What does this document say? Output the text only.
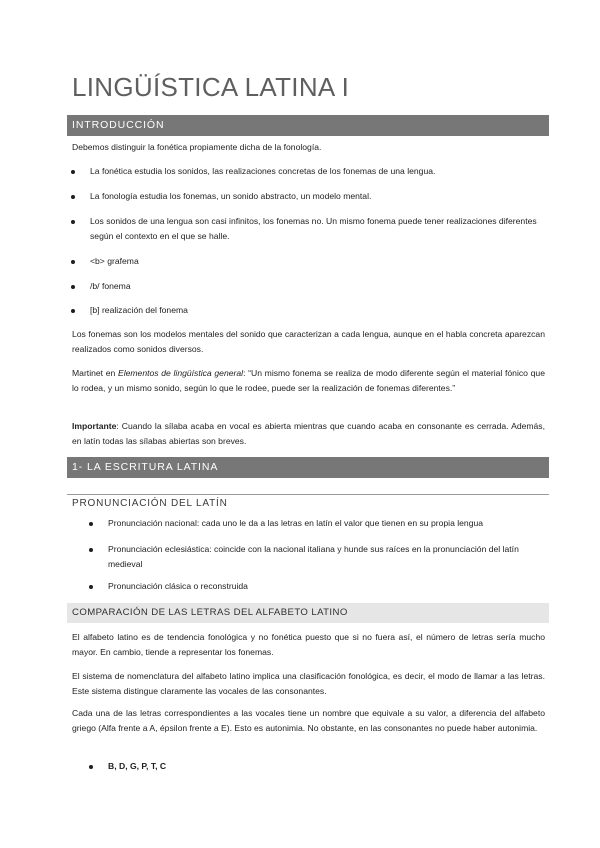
LINGÜÍSTICA LATINA I
INTRODUCCIÓN
Debemos distinguir la fonética propiamente dicha de la fonología.
La fonética estudia los sonidos, las realizaciones concretas de los fonemas de una lengua.
La fonología estudia los fonemas, un sonido abstracto, un modelo mental.
Los sonidos de una lengua son casi infinitos, los fonemas no. Un mismo fonema puede tener realizaciones diferentes según el contexto en el que se halle.
<b> grafema
/b/ fonema
[b] realización del fonema
Los fonemas son los modelos mentales del sonido que caracterizan a cada lengua, aunque en el habla concreta aparezcan realizados como sonidos diversos.
Martinet en Elementos de lingüística general: “Un mismo fonema se realiza de modo diferente según el material fónico que lo rodea, y un mismo sonido, según lo que le rodee, puede ser la realización de fonemas diferentes.”
Importante: Cuando la sílaba acaba en vocal es abierta mientras que cuando acaba en consonante es cerrada. Además, en latín todas las sílabas abiertas son breves.
1- LA ESCRITURA LATINA
PRONUNCIACIÓN DEL LATÍN
Pronunciación nacional: cada uno le da a las letras en latín el valor que tienen en su propia lengua
Pronunciación eclesiástica: coincide con la nacional italiana y hunde sus raíces en la pronunciación del latín medieval
Pronunciación clásica o reconstruida
COMPARACIÓN DE LAS LETRAS DEL ALFABETO LATINO
El alfabeto latino es de tendencia fonológica y no fonética puesto que si no fuera así, el número de letras sería mucho mayor. En cambio, tiende a representar los fonemas.
El sistema de nomenclatura del alfabeto latino implica una clasificación fonológica, es decir, el modo de llamar a las letras. Este sistema distingue claramente las vocales de las consonantes.
Cada una de las letras correspondientes a las vocales tiene un nombre que equivale a su valor, a diferencia del alfabeto griego (Alfa frente a A, épsilon frente a E). Esto es autonimia. No obstante, en las consonantes no puede haber autonimia.
B, D, G, P, T, C
